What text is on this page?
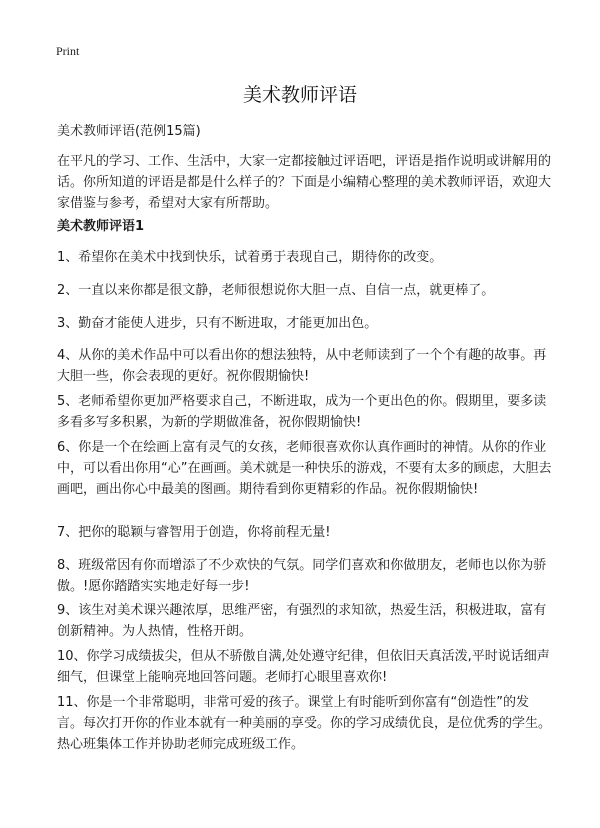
Print
美术教师评语

美术教师评语(范例15篇)

在平凡的学习、工作、生活中，大家一定都接触过评语吧，评语是指作说明或讲解用的话。你所知道的评语是都是什么样子的？下面是小编精心整理的美术教师评语，欢迎大家借鉴与参考，希望对大家有所帮助。

美术教师评语1

1、希望你在美术中找到快乐，试着勇于表现自己，期待你的改变。

2、一直以来你都是很文静，老师很想说你大胆一点、自信一点，就更棒了。

3、勤奋才能使人进步，只有不断进取，才能更加出色。

4、从你的美术作品中可以看出你的想法独特，从中老师读到了一个个有趣的故事。再大胆一些，你会表现的更好。祝你假期愉快!

5、老师希望你更加严格要求自己，不断进取，成为一个更出色的你。假期里，要多读多看多写多积累，为新的学期做准备，祝你假期愉快!

6、你是一个在绘画上富有灵气的女孩，老师很喜欢你认真作画时的神情。从你的作业中，可以看出你用“心”在画画。美术就是一种快乐的游戏，不要有太多的顾虑，大胆去画吧，画出你心中最美的图画。期待看到你更精彩的作品。祝你假期愉快!

7、把你的聪颖与睿智用于创造，你将前程无量!

8、班级常因有你而增添了不少欢快的气氛。同学们喜欢和你做朋友，老师也以你为骄傲。!愿你踏踏实实地走好每一步!

9、该生对美术课兴趣浓厚，思维严密，有强烈的求知欲，热爱生活，积极进取，富有创新精神。为人热情，性格开朗。

10、你学习成绩拔尖，但从不骄傲自满,处处遵守纪律，但依旧天真活泼,平时说话细声细气，但课堂上能响亮地回答问题。老师打心眼里喜欢你!

11、你是一个非常聪明，非常可爱的孩子。课堂上有时能听到你富有“创造性”的发言。每次打开你的作业本就有一种美丽的享受。你的学习成绩优良，是位优秀的学生。热心班集体工作并协助老师完成班级工作。
